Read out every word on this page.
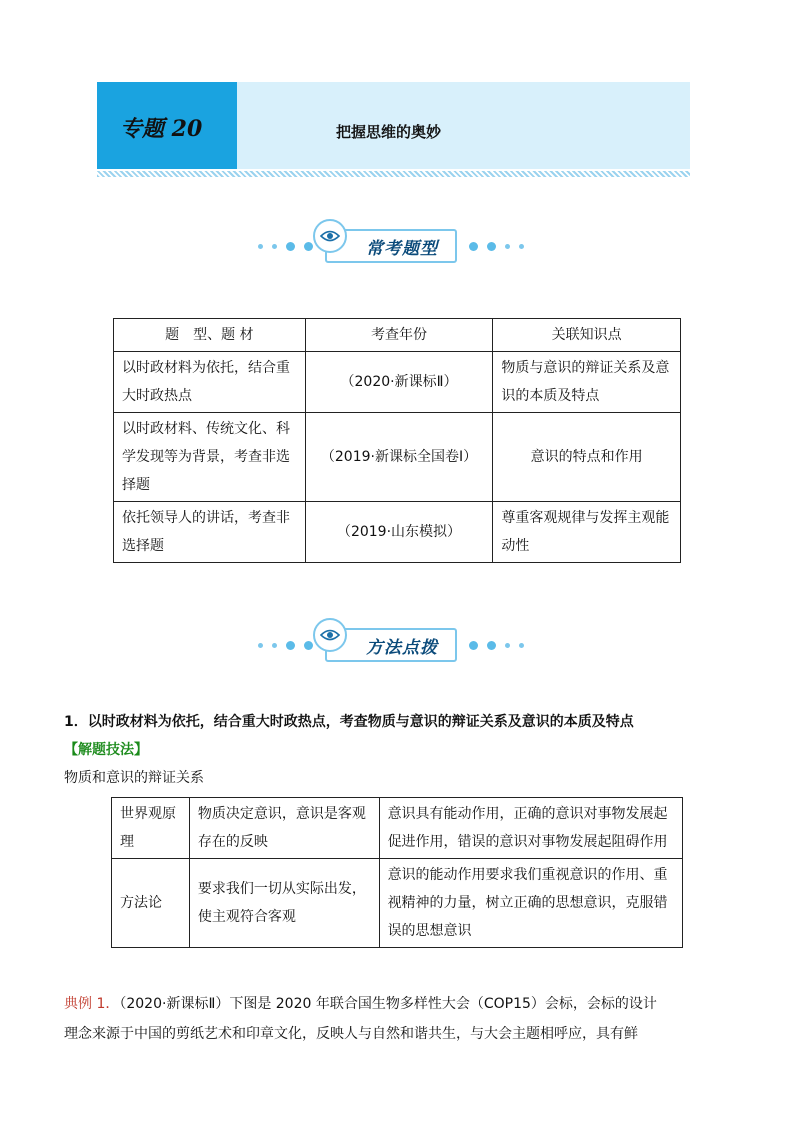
专题 20	把握思维的奥妙
常考题型
题　型、题 材	考查年份	关联知识点
以时政材料为依托，结合重大时政热点	（2020·新课标Ⅱ）	物质与意识的辩证关系及意识的本质及特点
以时政材料、传统文化、科学发现等为背景，考查非选择题	（2019·新课标全国卷Ⅰ）	意识的特点和作用
依托领导人的讲话，考查非选择题	（2019·山东模拟）	尊重客观规律与发挥主观能动性
方法点拨
1．以时政材料为依托，结合重大时政热点，考查物质与意识的辩证关系及意识的本质及特点
【解题技法】
物质和意识的辩证关系
世界观原理	物质决定意识，意识是客观存在的反映	意识具有能动作用，正确的意识对事物发展起促进作用，错误的意识对事物发展起阻碍作用
方法论	要求我们一切从实际出发，使主观符合客观	意识的能动作用要求我们重视意识的作用、重视精神的力量，树立正确的思想意识，克服错误的思想意识
典例 1．（2020·新课标Ⅱ）下图是 2020 年联合国生物多样性大会（COP15）会标，会标的设计
理念来源于中国的剪纸艺术和印章文化，反映人与自然和谐共生，与大会主题相呼应，具有鲜
